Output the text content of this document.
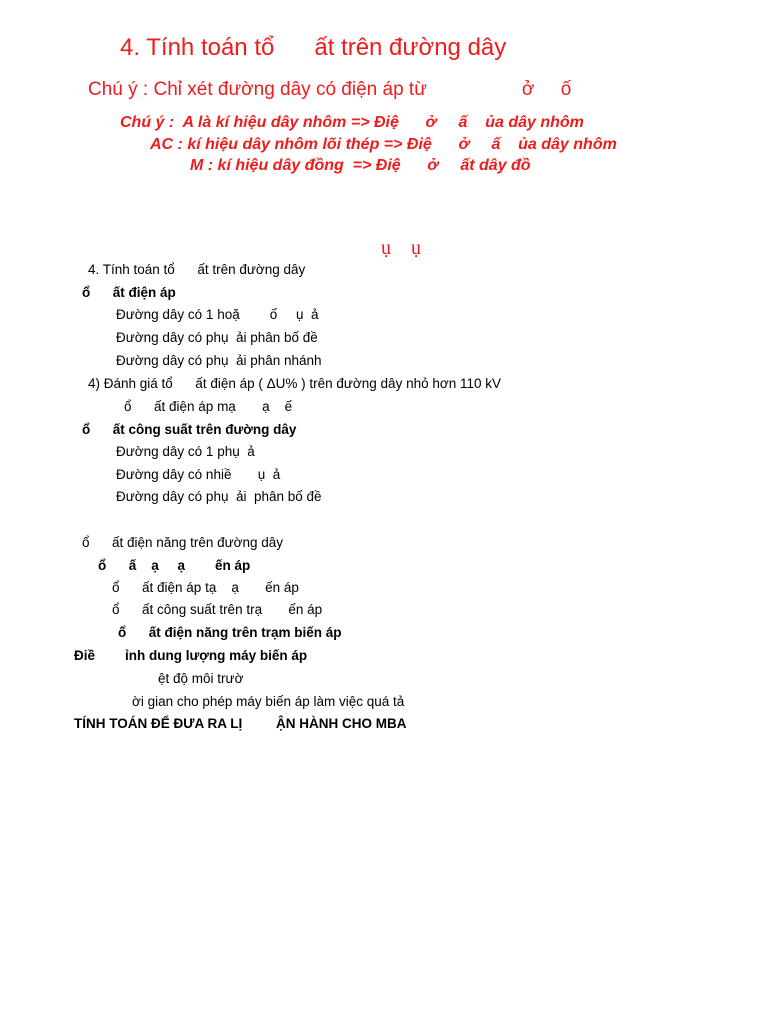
4. Tính toán tổ      ất trên đường dây
Chú ý : Chỉ xét đường dây có điện áp từ                  ở     ố
Chú ý :  A là kí hiệu dây nhôm => Điệ      ở     ấ    ủa dây nhôm
AC : kí hiệu dây nhôm lõi thép => Điệ      ở     ấ    ủa dây nhôm
M : kí hiệu dây đồng  => Điệ      ở     ất dây đồ
ụ    ụ
4. Tính toán tổ      ất trên đường dây
ổ      ất điện áp
Đường dây có 1 hoặ        ố     ụ  ả
Đường dây có phụ  ải phân bố đề
Đường dây có phụ  ải phân nhánh
4) Đánh giá tổ      ất điện áp ( ΔU% ) trên đường dây nhỏ hơn 110 kV
ổ      ất điện áp mạ       ạ    ế
ổ      ất công suất trên đường dây
Đường dây có 1 phụ  ả
Đường dây có nhiề       ụ  ả
Đường dây có phụ  ải  phân bố đề
ổ      ất điện năng trên đường dây
ổ      ấ    ạ     ạ        ến áp
ổ      ất điện áp tạ    ạ       ến áp
ổ      ất công suất trên trạ       ến áp
ổ      ất điện năng trên trạm biến áp
Điề        ỉnh dung lượng máy biến áp
ệt độ môi trườ
ời gian cho phép máy biến áp làm việc quá tả
TÍNH TOÁN ĐỂ ĐƯA RA LỊ         ẬN HÀNH CHO MBA
